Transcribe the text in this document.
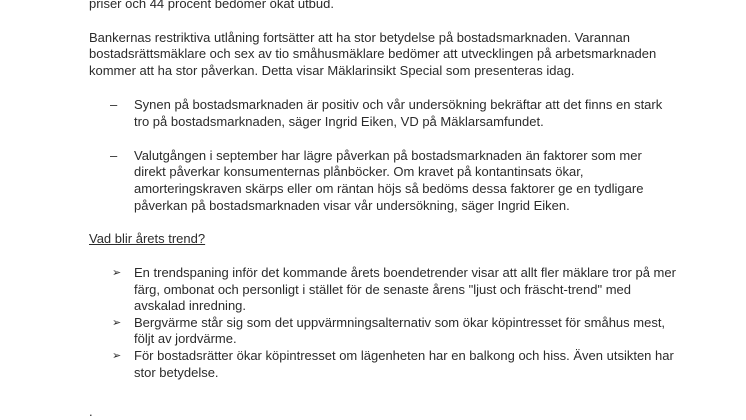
priser och 44 procent bedömer ökat utbud.
Bankernas restriktiva utlåning fortsätter att ha stor betydelse på bostadsmarknaden. Varannan
bostadsrättsmäklare och sex av tio småhusmäklare bedömer att utvecklingen på arbetsmarknaden
kommer att ha stor påverkan. Detta visar Mäklarinsikt Special som presenteras idag.
– Synen på bostadsmarknaden är positiv och vår undersökning bekräftar att det finns en stark
tro på bostadsmarknaden, säger Ingrid Eiken, VD på Mäklarsamfundet.
– Valutgången i september har lägre påverkan på bostadsmarknaden än faktorer som mer
direkt påverkar konsumenternas plånböcker. Om kravet på kontantinsats ökar,
amorteringskraven skärps eller om räntan höjs så bedöms dessa faktorer ge en tydligare
påverkan på bostadsmarknaden visar vår undersökning, säger Ingrid Eiken.
Vad blir årets trend?
➢ En trendspaning inför det kommande årets boendetrender visar att allt fler mäklare tror på mer
färg, ombonat och personligt i stället för de senaste årens "ljust och fräscht-trend" med
avskalad inredning.
➢ Bergvärme står sig som det uppvärmningsalternativ som ökar köpintresset för småhus mest,
följt av jordvärme.
➢ För bostadsrätter ökar köpintresset om lägenheten har en balkong och hiss. Även utsikten har
stor betydelse.
.
